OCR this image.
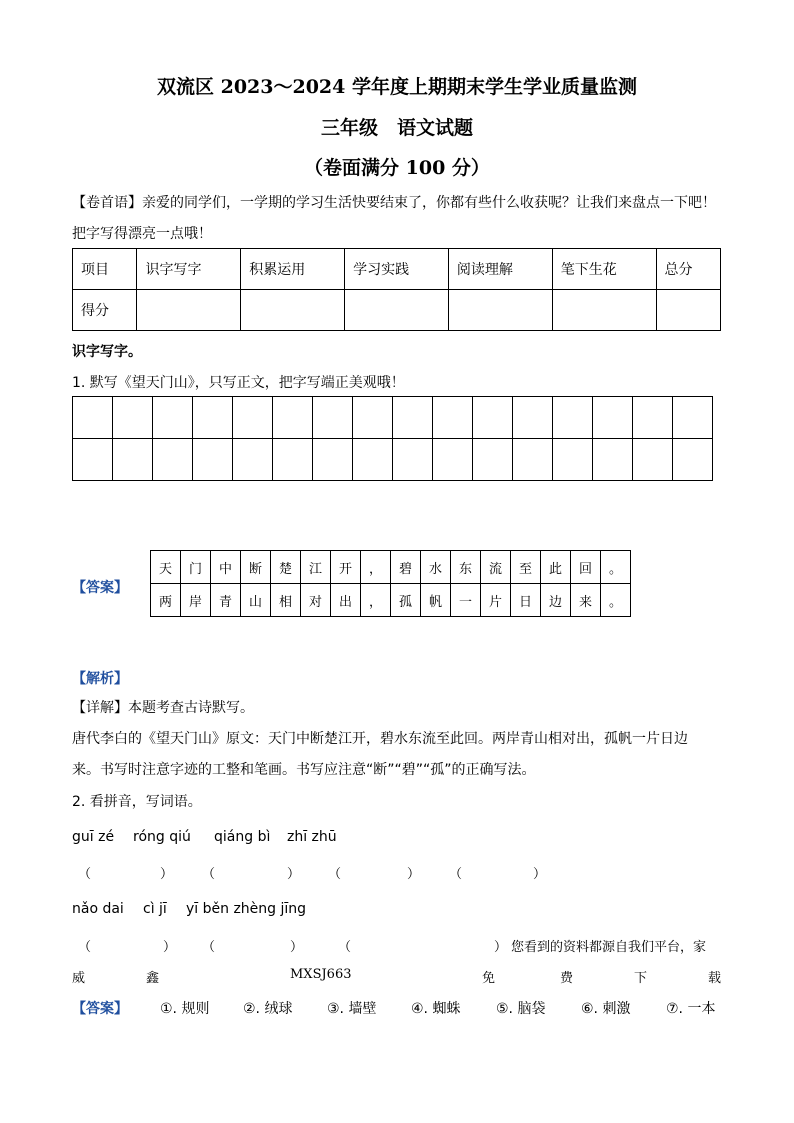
双流区 2023～2024 学年度上期期末学生学业质量监测
三年级　语文试题
（卷面满分 100 分）
【卷首语】亲爱的同学们，一学期的学习生活快要结束了，你都有些什么收获呢？让我们来盘点一下吧！
把字写得漂亮一点哦！
项目	识字写字	积累运用	学习实践	阅读理解	笔下生花	总分
得分						
识字写字。
1. 默写《望天门山》，只写正文，把字写端正美观哦！

【答案】
天	门	中	断	楚	江	开	，	碧	水	东	流	至	此	回	。
两	岸	青	山	相	对	出	，	孤	帆	一	片	日	边	来	。
【解析】
【详解】本题考查古诗默写。
唐代李白的《望天门山》原文：天门中断楚江开，碧水东流至此回。两岸青山相对出，孤帆一片日边
来。书写时注意字迹的工整和笔画。书写应注意“断”“碧”“孤”的正确写法。
2. 看拼音，写词语。
guī zé róng qiú qiáng bì zhī zhū
（	） （	） （	） （	）
nǎo dai cì jī yī běn zhèng jīng
（	） （	）	（	） 您看到的资料都源自我们平台，家
威	鑫	MXSJ663	免	费	下	载
【答案】 ①. 规则 ②. 绒球 ③. 墙壁 ④. 蜘蛛	⑤. 脑袋	⑥. 刺激	⑦. 一本
